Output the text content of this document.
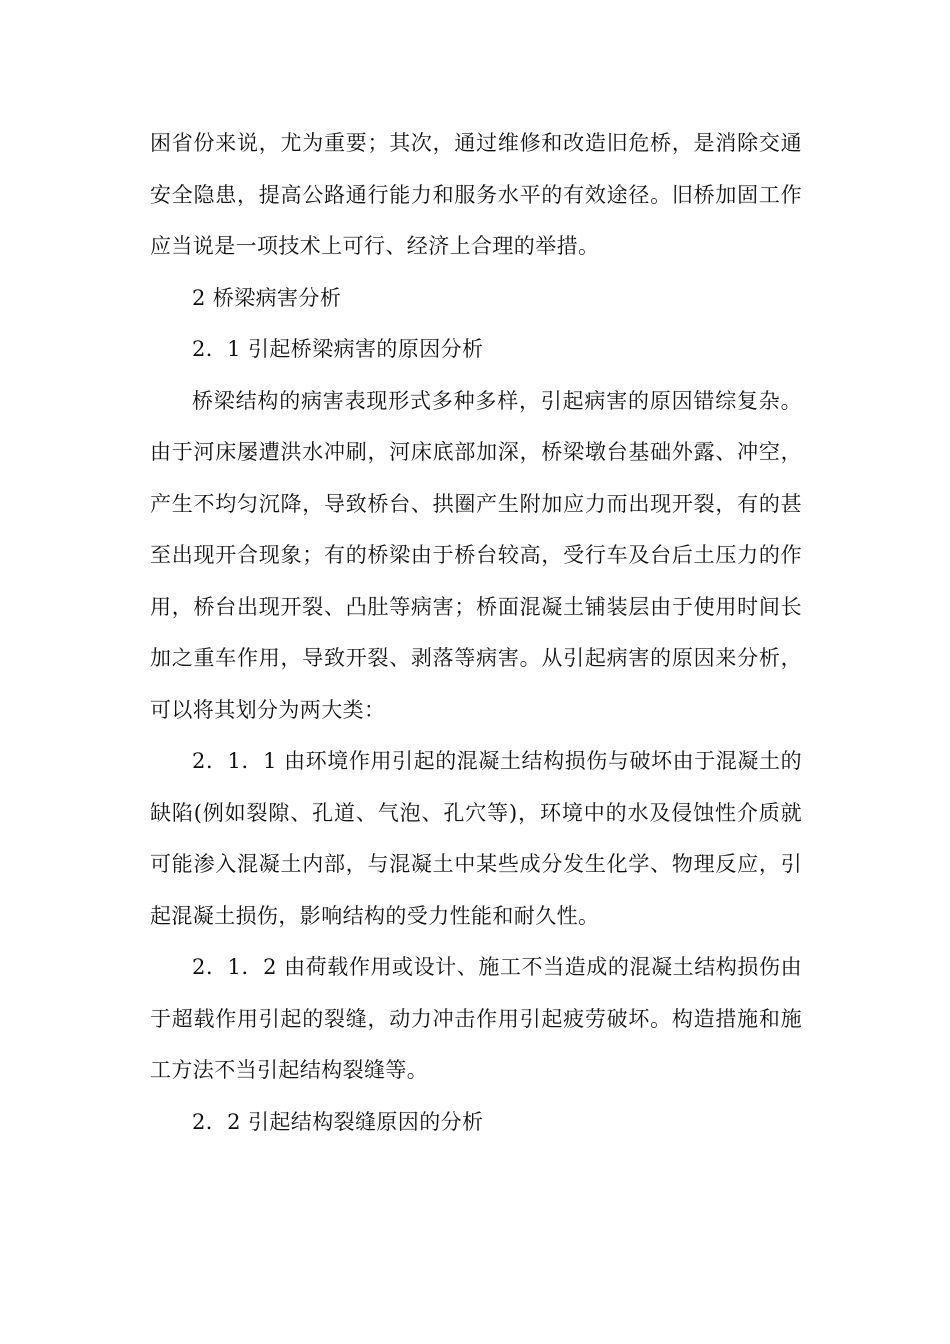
困省份来说，尤为重要；其次，通过维修和改造旧危桥，是消除交通安全隐患，提高公路通行能力和服务水平的有效途径。旧桥加固工作应当说是一项技术上可行、经济上合理的举措。

2 桥梁病害分析

2．1 引起桥梁病害的原因分析

桥梁结构的病害表现形式多种多样，引起病害的原因错综复杂。由于河床屡遭洪水冲刷，河床底部加深，桥梁墩台基础外露、冲空，产生不均匀沉降，导致桥台、拱圈产生附加应力而出现开裂，有的甚至出现开合现象；有的桥梁由于桥台较高，受行车及台后土压力的作用，桥台出现开裂、凸肚等病害；桥面混凝土铺装层由于使用时间长加之重车作用，导致开裂、剥落等病害。从引起病害的原因来分析，可以将其划分为两大类：

2．1．1 由环境作用引起的混凝土结构损伤与破坏由于混凝土的缺陷(例如裂隙、孔道、气泡、孔穴等)，环境中的水及侵蚀性介质就可能渗入混凝土内部，与混凝土中某些成分发生化学、物理反应，引起混凝土损伤，影响结构的受力性能和耐久性。

2．1．2 由荷载作用或设计、施工不当造成的混凝土结构损伤由于超载作用引起的裂缝，动力冲击作用引起疲劳破坏。构造措施和施工方法不当引起结构裂缝等。

2．2 引起结构裂缝原因的分析
